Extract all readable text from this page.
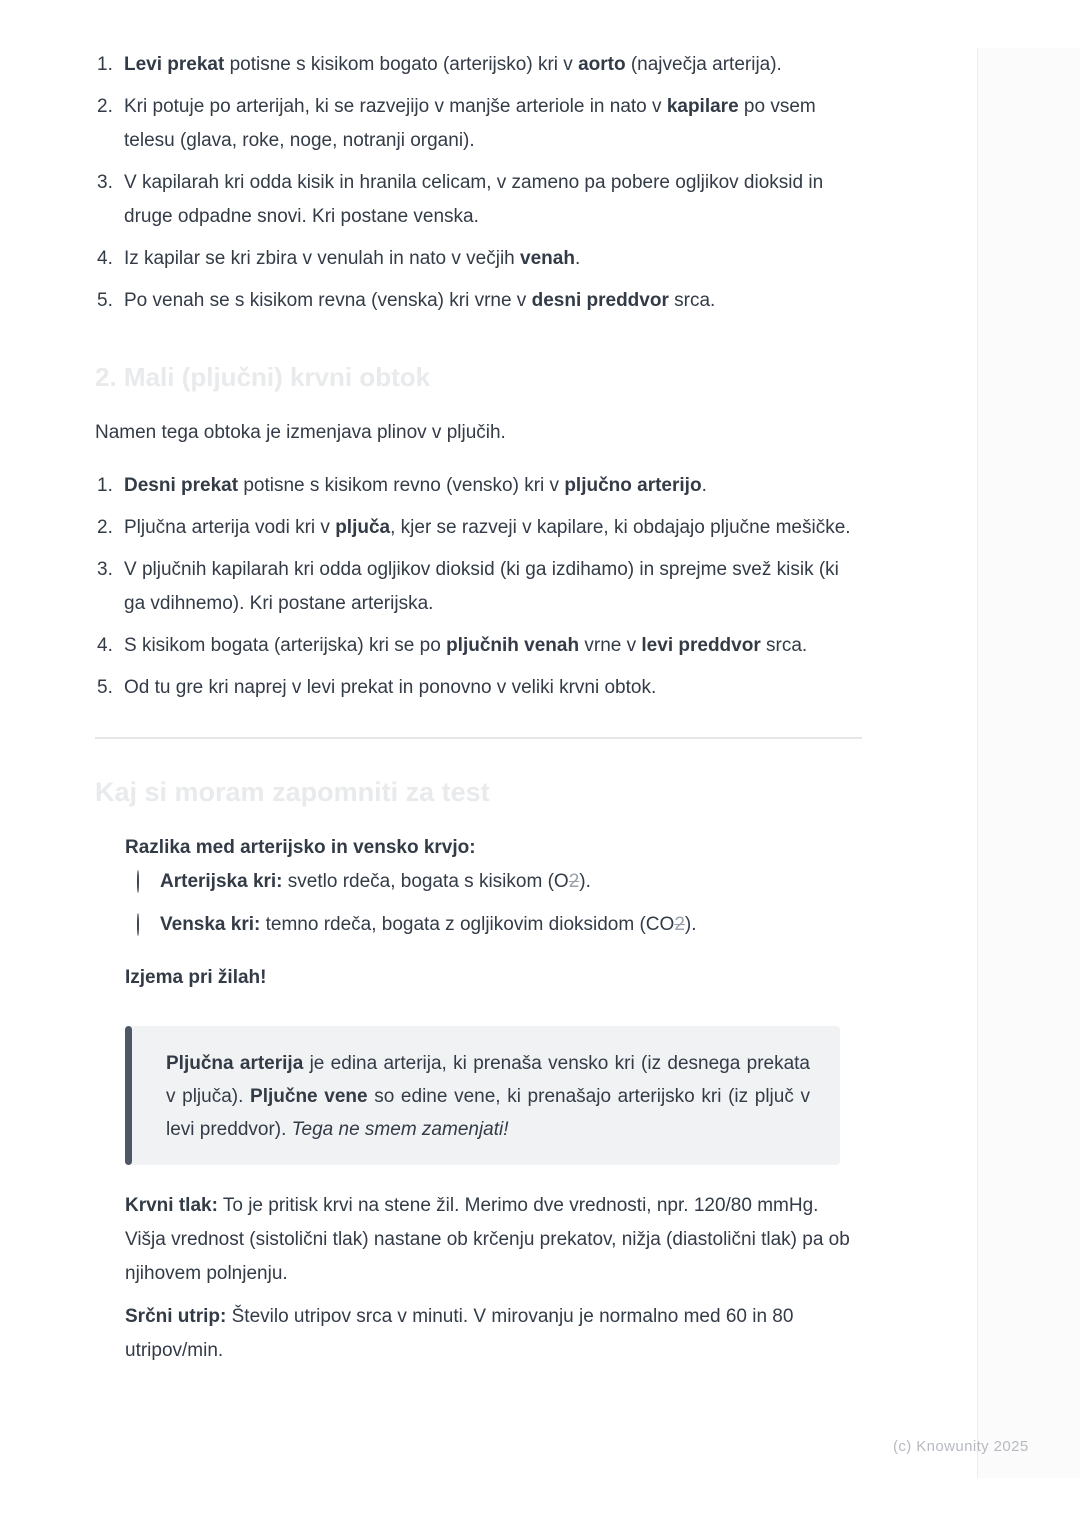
1. Levi prekat potisne s kisikom bogato (arterijsko) kri v aorto (največja arterija).
2. Kri potuje po arterijah, ki se razvejijo v manjše arteriole in nato v kapilare po vsem telesu (glava, roke, noge, notranji organi).
3. V kapilarah kri odda kisik in hranila celicam, v zameno pa pobere ogljikov dioksid in druge odpadne snovi. Kri postane venska.
4. Iz kapilar se kri zbira v venulah in nato v večjih venah.
5. Po venah se s kisikom revna (venska) kri vrne v desni preddvor srca.
2. Mali (pljučni) krvni obtok
Namen tega obtoka je izmenjava plinov v pljučih.
1. Desni prekat potisne s kisikom revno (vensko) kri v pljučno arterijo.
2. Pljučna arterija vodi kri v pljuča, kjer se razveji v kapilare, ki obdajajo pljučne mešičke.
3. V pljučnih kapilarah kri odda ogljikov dioksid (ki ga izdihamo) in sprejme svež kisik (ki ga vdihnemo). Kri postane arterijska.
4. S kisikom bogata (arterijska) kri se po pljučnih venah vrne v levi preddvor srca.
5. Od tu gre kri naprej v levi prekat in ponovno v veliki krvni obtok.
Kaj si moram zapomniti za test
Razlika med arterijsko in vensko krvjo:
Arterijska kri: svetlo rdeča, bogata s kisikom (O2).
Venska kri: temno rdeča, bogata z ogljikovim dioksidom (CO2).
Izjema pri žilah!
Pljučna arterija je edina arterija, ki prenaša vensko kri (iz desnega prekata v pljuča). Pljučne vene so edine vene, ki prenašajo arterijsko kri (iz pljuč v levi preddvor). Tega ne smem zamenjati!
Krvni tlak: To je pritisk krvi na stene žil. Merimo dve vrednosti, npr. 120/80 mmHg. Višja vrednost (sistolični tlak) nastane ob krčenju prekatov, nižja (diastolični tlak) pa ob njihovem polnjenju.
Srčni utrip: Število utripov srca v minuti. V mirovanju je normalno med 60 in 80 utripov/min.
(c) Knowunity 2025
